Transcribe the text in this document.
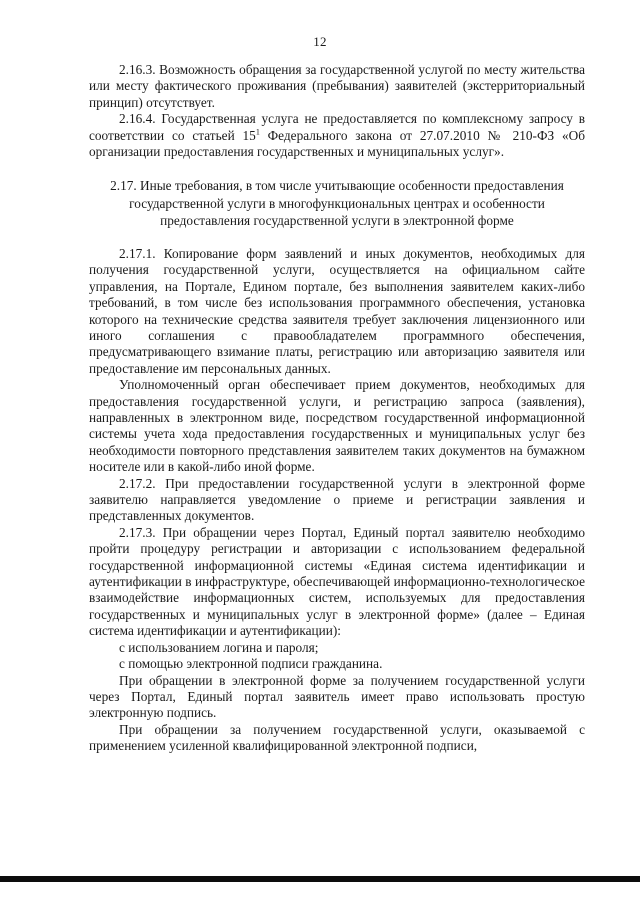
12

2.16.3. Возможность обращения за государственной услугой по месту жительства или месту фактического проживания (пребывания) заявителей (экстерриториальный принцип) отсутствует.

2.16.4. Государственная услуга не предоставляется по комплексному запросу в соответствии со статьей $15^1$ Федерального закона от 27.07.2010 № 210-ФЗ «Об организации предоставления государственных и муниципальных услуг».

2.17. Иные требования, в том числе учитывающие особенности предоставления государственной услуги в многофункциональных центрах и особенности предоставления государственной услуги в электронной форме

2.17.1. Копирование форм заявлений и иных документов, необходимых для получения государственной услуги, осуществляется на официальном сайте управления, на Портале, Едином портале, без выполнения заявителем каких-либо требований, в том числе без использования программного обеспечения, установка которого на технические средства заявителя требует заключения лицензионного или иного соглашения с правообладателем программного обеспечения, предусматривающего взимание платы, регистрацию или авторизацию заявителя или предоставление им персональных данных.

Уполномоченный орган обеспечивает прием документов, необходимых для предоставления государственной услуги, и регистрацию запроса (заявления), направленных в электронном виде, посредством государственной информационной системы учета хода предоставления государственных и муниципальных услуг без необходимости повторного представления заявителем таких документов на бумажном носителе или в какой-либо иной форме.

2.17.2. При предоставлении государственной услуги в электронной форме заявителю направляется уведомление о приеме и регистрации заявления и представленных документов.

2.17.3. При обращении через Портал, Единый портал заявителю необходимо пройти процедуру регистрации и авторизации с использованием федеральной государственной информационной системы «Единая система идентификации и аутентификации в инфраструктуре, обеспечивающей информационно-технологическое взаимодействие информационных систем, используемых для предоставления государственных и муниципальных услуг в электронной форме» (далее – Единая система идентификации и аутентификации):

с использованием логина и пароля;

с помощью электронной подписи гражданина.

При обращении в электронной форме за получением государственной услуги через Портал, Единый портал заявитель имеет право использовать простую электронную подпись.

При обращении за получением государственной услуги, оказываемой с применением усиленной квалифицированной электронной подписи,
